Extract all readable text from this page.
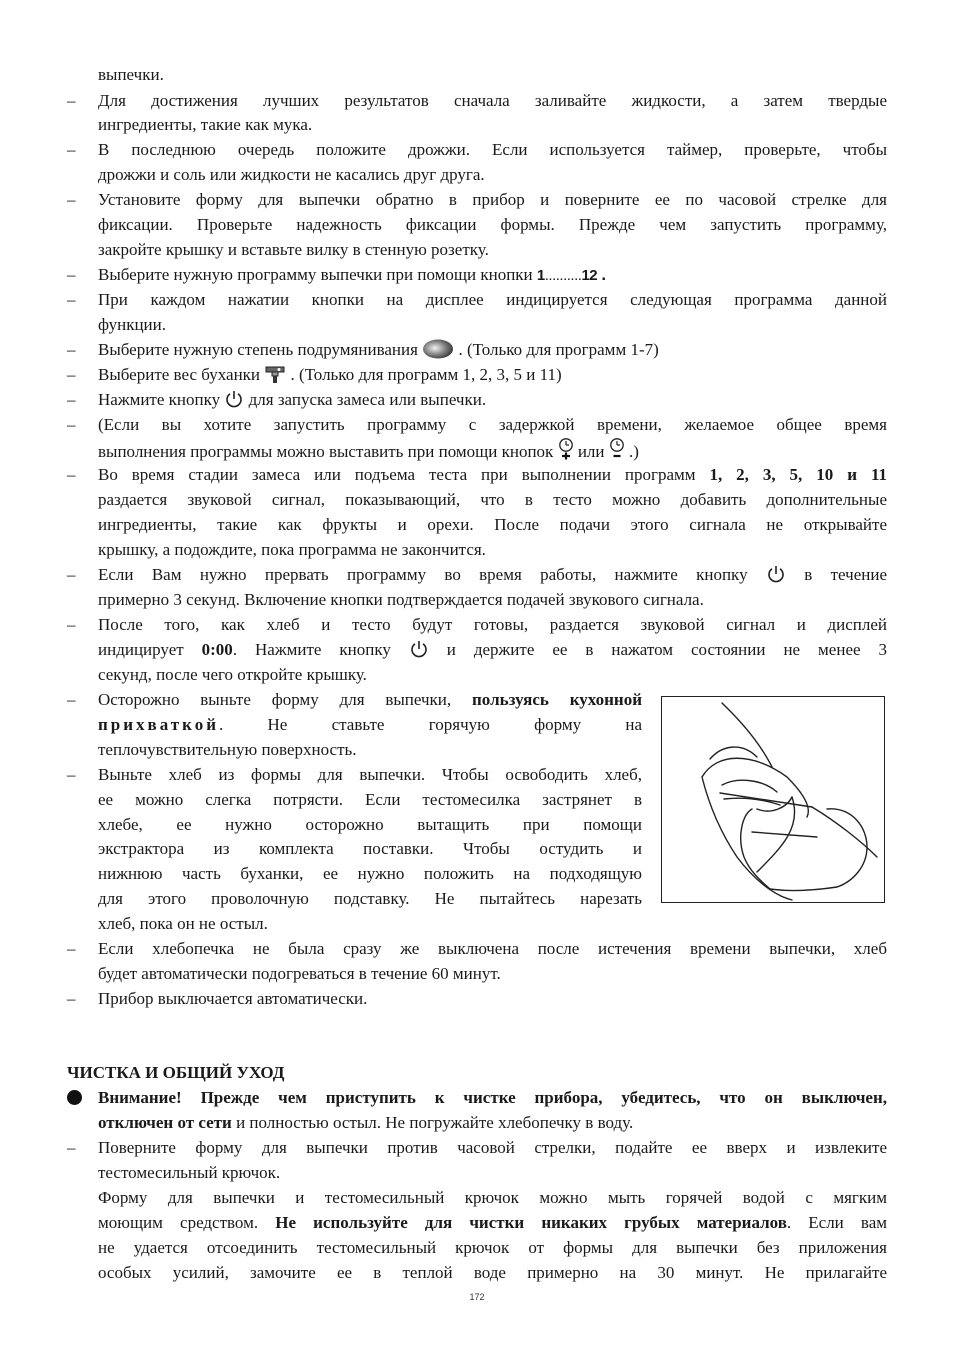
выпечки.
–	Для достижения лучших результатов сначала заливайте жидкости, а затем твердые
ингредиенты, такие как мука.
–	В последнюю очередь положите дрожжи. Если используется таймер, проверьте, чтобы
дрожжи и соль или жидкости не касались друг друга.
–	Установите форму для выпечки обратно в прибор и поверните ее по часовой стрелке для
фиксации. Проверьте надежность фиксации формы. Прежде чем запустить программу,
закройте крышку и вставьте вилку в стенную розетку.
–	Выберите нужную программу выпечки при помощи кнопки 1..........12 .
–	При каждом нажатии кнопки на дисплее индицируется следующая программа данной
функции.
–	Выберите нужную степень подрумянивания . (Только для программ 1-7)
–	Выберите вес буханки . (Только для программ 1, 2, 3, 5 и 11)
–	Нажмите кнопку для запуска замеса или выпечки.
–	(Если вы хотите запустить программу с задержкой времени, желаемое общее время
выполнения программы можно выставить при помощи кнопок или .)
–	Во время стадии замеса или подъема теста при выполнении программ 1, 2, 3, 5, 10 и 11
раздается звуковой сигнал, показывающий, что в тесто можно добавить дополнительные
ингредиенты, такие как фрукты и орехи. После подачи этого сигнала не открывайте
крышку, а подождите, пока программа не закончится.
–	Если Вам нужно прервать программу во время работы, нажмите кнопку	в течение
примерно 3 секунд. Включение кнопки подтверждается подачей звукового сигнала.
–	После того, как хлеб и тесто будут готовы, раздается звуковой сигнал и дисплей
индицирует 0:00. Нажмите кнопку	и держите ее в нажатом состоянии не менее 3
секунд, после чего откройте крышку.
–	Осторожно выньте форму для выпечки, пользуясь кухонной
прихваткой. Не ставьте горячую форму на
теплочувствительную поверхность.
–	Выньте хлеб из формы для выпечки. Чтобы освободить хлеб,
ее можно слегка потрясти. Если тестомесилка застрянет в
хлебе, ее нужно осторожно вытащить при помощи
экстрактора из комплекта поставки. Чтобы остудить и
нижнюю часть буханки, ее нужно положить на подходящую
для этого проволочную подставку. Не пытайтесь нарезать
хлеб, пока он не остыл.
–	Если хлебопечка не была сразу же выключена после истечения времени выпечки, хлеб
будет автоматически подогреваться в течение 60 минут.
–	Прибор выключается автоматически.
ЧИСТКА И ОБЩИЙ УХОД
Внимание! Прежде чем приступить к чистке прибора, убедитесь, что он выключен,
отключен от сети и полностью остыл. Не погружайте хлебопечку в воду.
–	Поверните форму для выпечки против часовой стрелки, подайте ее вверх и извлеките
тестомесильный крючок.
Форму для выпечки и тестомесильный крючок можно мыть горячей водой с мягким
моющим средством. Не используйте для чистки никаких грубых материалов. Если вам
не удается отсоединить тестомесильный крючок от формы для выпечки без приложения
особых усилий, замочите ее в теплой воде примерно на 30 минут. Не прилагайте
172
